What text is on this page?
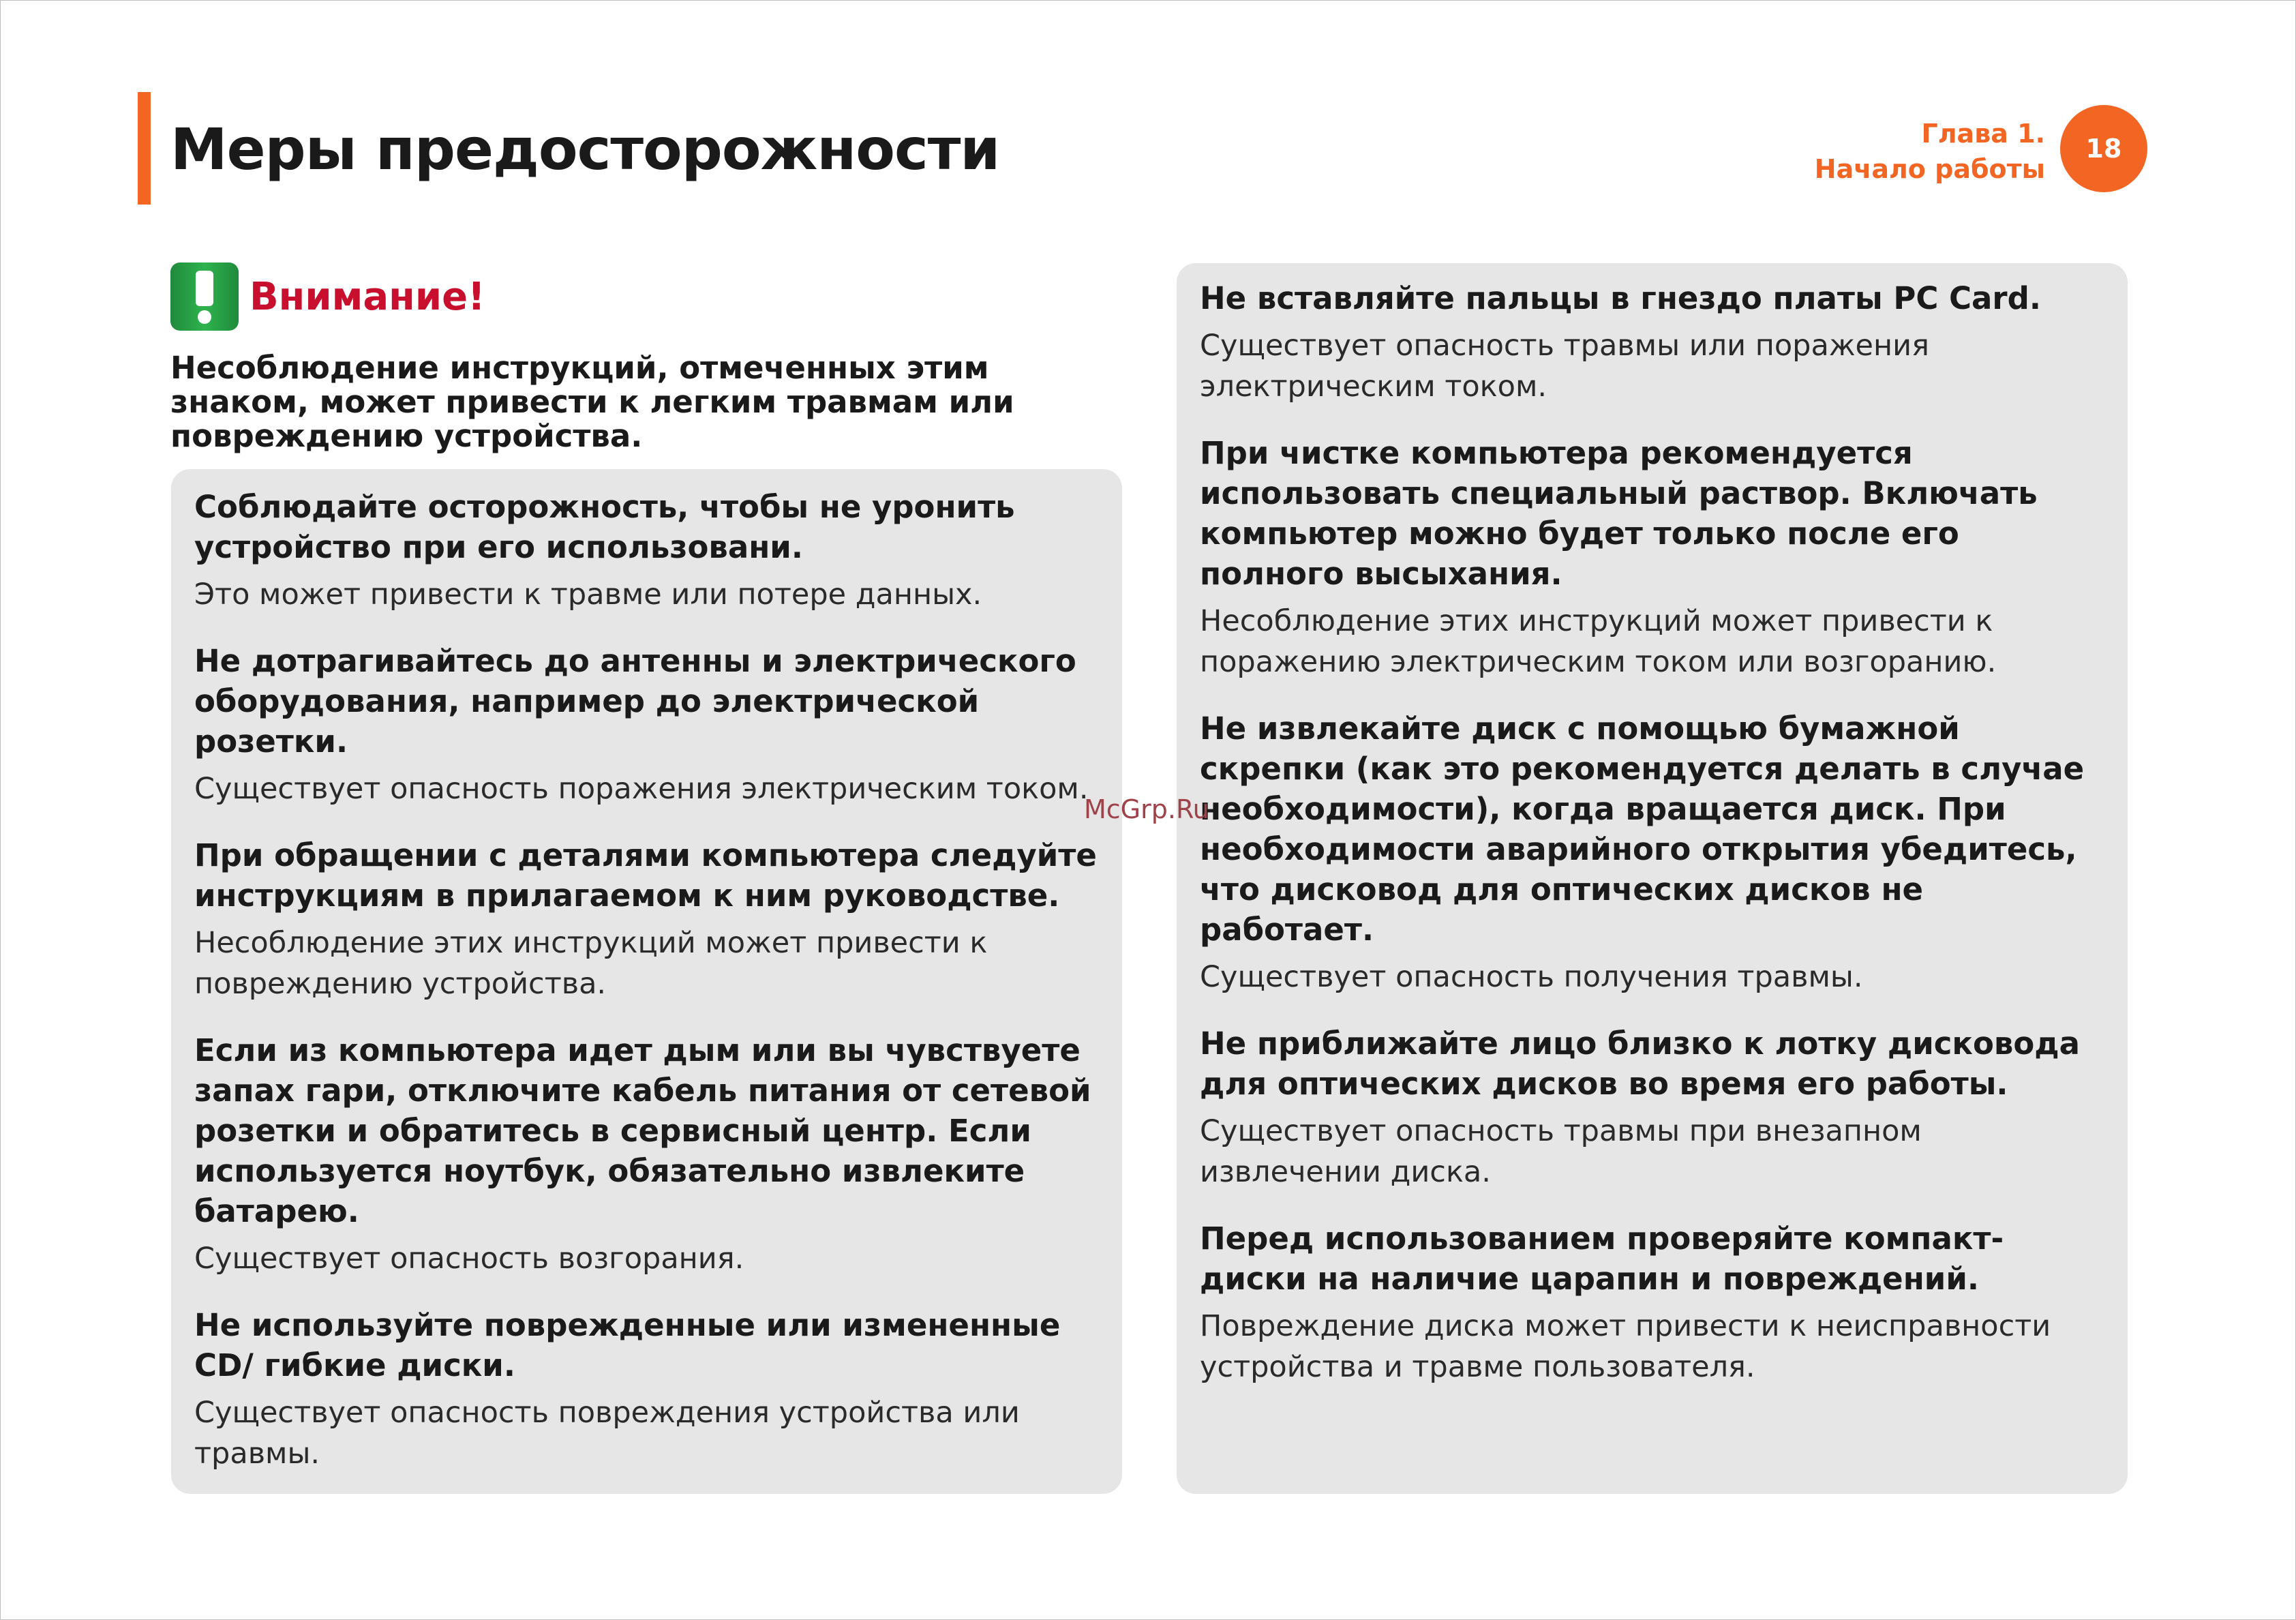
Меры предосторожности	Глава 1.
Начало работы
18
Внимание!

Несоблюдение инструкций, отмеченных этим знаком, может привести к легким травмам или повреждению устройства.

Соблюдайте осторожность, чтобы не уронить устройство при его использовани.

Это может привести к травме или потере данных.

Не дотрагивайтесь до антенны и электрического оборудования, например до электрической розетки.

Существует опасность поражения электрическим током.

При обращении с деталями компьютера следуйте инструкциям в прилагаемом к ним руководстве.

Несоблюдение этих инструкций может привести к повреждению устройства.

Если из компьютера идет дым или вы чувствуете запах гари, отключите кабель питания от сетевой розетки и обратитесь в сервисный центр. Если используется ноутбук, обязательно извлеките батарею.

Существует опасность возгорания.

Не используйте поврежденные или измененные CD/ гибкие диски.

Существует опасность повреждения устройства или травмы.

Не вставляйте пальцы в гнездо платы PC Card.

Существует опасность травмы или поражения электрическим током.

При чистке компьютера рекомендуется использовать специальный раствор. Включать компьютер можно будет только после его полного высыхания.

Несоблюдение этих инструкций может привести к поражению электрическим током или возгоранию.

Не извлекайте диск с помощью бумажной скрепки (как это рекомендуется делать в случае необходимости), когда вращается диск. При необходимости аварийного открытия убедитесь, что дисковод для оптических дисков не работает.

Существует опасность получения травмы.

Не приближайте лицо близко к лотку дисковода для оптических дисков во время его работы.

Существует опасность травмы при внезапном извлечении диска.

Перед использованием проверяйте компакт-диски на наличие царапин и повреждений.

Повреждение диска может привести к неисправности устройства и травме пользователя.

McGrp.Ru
